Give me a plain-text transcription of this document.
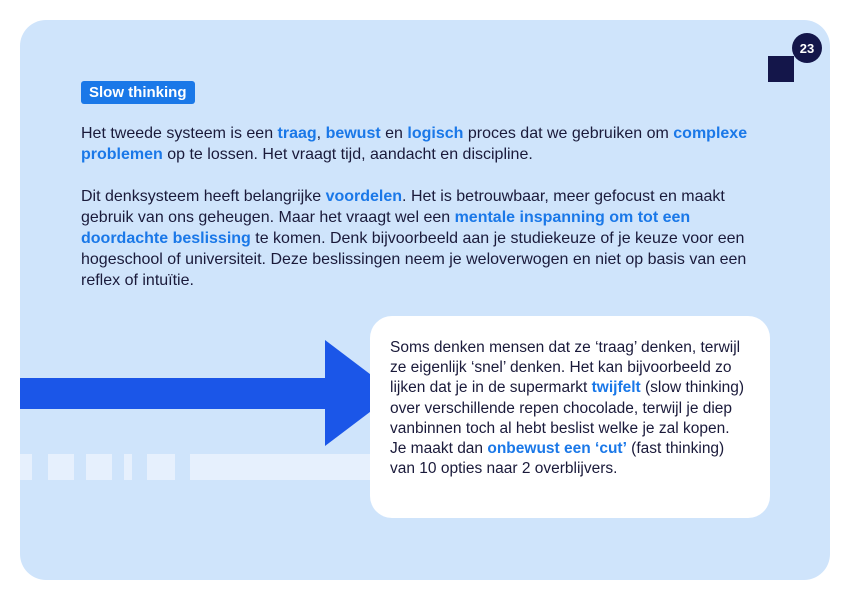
23
Slow thinking

Het tweede systeem is een traag, bewust en logisch proces dat we gebruiken om complexe problemen op te lossen. Het vraagt tijd, aandacht en discipline.

Dit denksysteem heeft belangrijke voordelen. Het is betrouwbaar, meer gefocust en maakt gebruik van ons geheugen. Maar het vraagt wel een mentale inspanning om tot een doordachte beslissing te komen. Denk bijvoorbeeld aan je studiekeuze of je keuze voor een hogeschool of universiteit. Deze beslissingen neem je weloverwogen en niet op basis van een reflex of intuïtie.

Soms denken mensen dat ze ‘traag’ denken, terwijl ze eigenlijk ‘snel’ denken. Het kan bijvoorbeeld zo lijken dat je in de supermarkt twijfelt (slow thinking) over verschillende repen chocolade, terwijl je diep vanbinnen toch al hebt beslist welke je zal kopen. Je maakt dan onbewust een ‘cut’ (fast thinking) van 10 opties naar 2 overblijvers.
